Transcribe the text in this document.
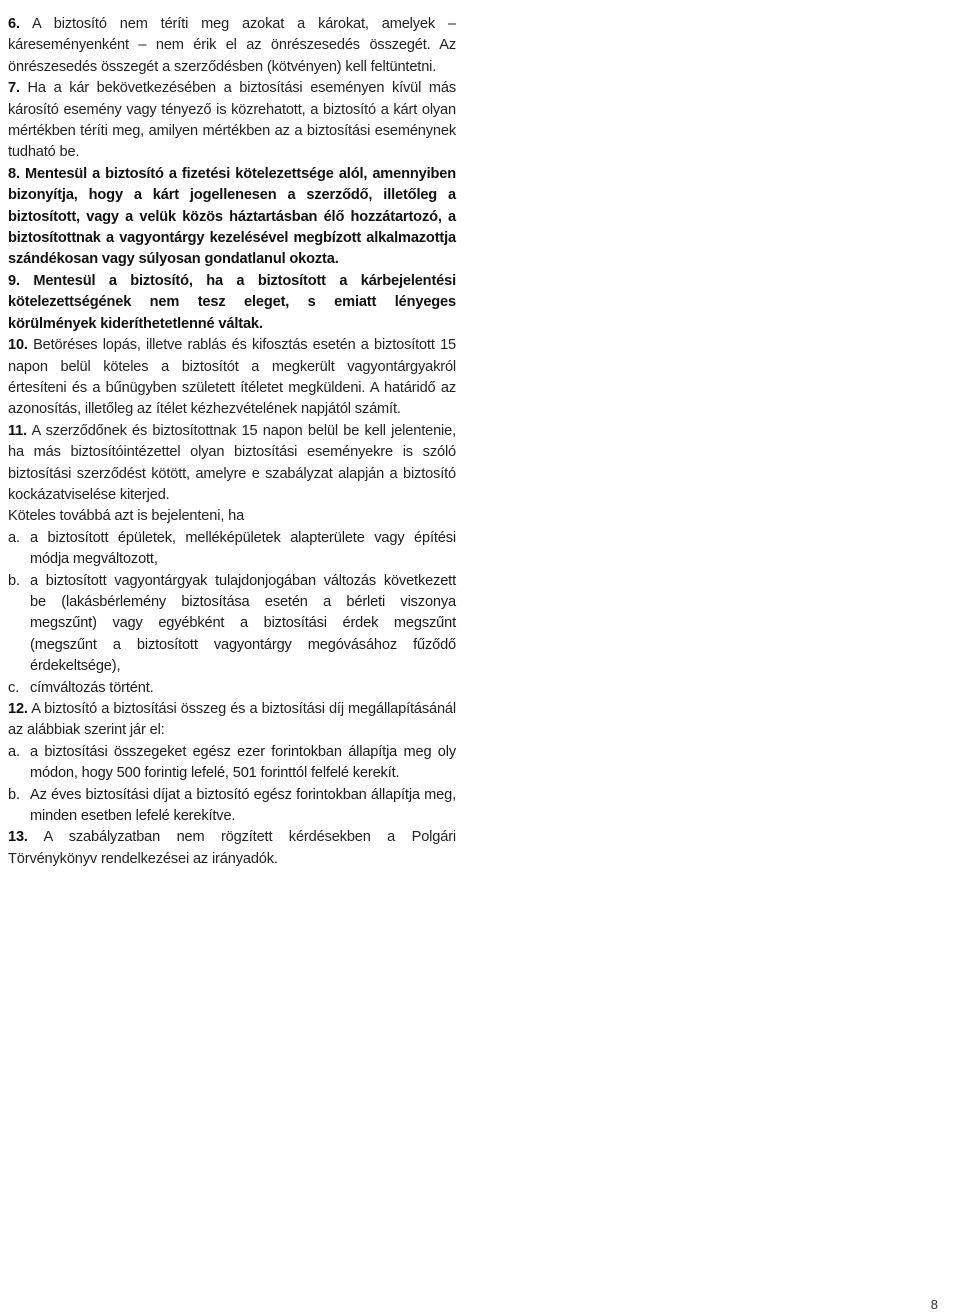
6. A biztosító nem téríti meg azokat a károkat, amelyek – káreseményenként – nem érik el az önrészesedés összegét. Az önrészesedés összegét a szerződésben (kötvényen) kell feltüntetni.

7. Ha a kár bekövetkezésében a biztosítási eseményen kívül más károsító esemény vagy tényező is közrehatott, a biztosító a kárt olyan mértékben téríti meg, amilyen mértékben az a biztosítási eseménynek tudható be.

8. Mentesül a biztosító a fizetési kötelezettsége alól, amennyiben bizonyítja, hogy a kárt jogellenesen a szerződő, illetőleg a biztosított, vagy a velük közös háztartásban élő hozzátartozó, a biztosítottnak a vagyontárgy kezelésével megbízott alkalmazottja szándékosan vagy súlyosan gondatlanul okozta.

9. Mentesül a biztosító, ha a biztosított a kárbejelentési kötelezettségének nem tesz eleget, s emiatt lényeges körülmények kideríthetetlenné váltak.

10. Betöréses lopás, illetve rablás és kifosztás esetén a biztosított 15 napon belül köteles a biztosítót a megkerült vagyontárgyakról értesíteni és a bűnügyben született ítéletet megküldeni. A határidő az azonosítás, illetőleg az ítélet kézhezvételének napjától számít.

11. A szerződőnek és biztosítottnak 15 napon belül be kell jelentenie, ha más biztosítóintézettel olyan biztosítási eseményekre is szóló biztosítási szerződést kötött, amelyre e szabályzat alapján a biztosító kockázatviselése kiterjed.

Köteles továbbá azt is bejelenteni, ha

a. a biztosított épületek, melléképületek alapterülete vagy építési módja megváltozott,
b. a biztosított vagyontárgyak tulajdonjogában változás következett be (lakásbérlemény biztosítása esetén a bérleti viszonya megszűnt) vagy egyébként a biztosítási érdek megszűnt (megszűnt a biztosított vagyontárgy megóvásához fűződő érdekeltsége),
c. címváltozás történt.

12. A biztosító a biztosítási összeg és a biztosítási díj megállapításánál az alábbiak szerint jár el:

a. a biztosítási összegeket egész ezer forintokban állapítja meg oly módon, hogy 500 forintig lefelé, 501 forinttól felfelé kerekít.
b. Az éves biztosítási díjat a biztosító egész forintokban állapítja meg, minden esetben lefelé kerekítve.

13. A szabályzatban nem rögzített kérdésekben a Polgári Törvénykönyv rendelkezései az irányadók.

8
